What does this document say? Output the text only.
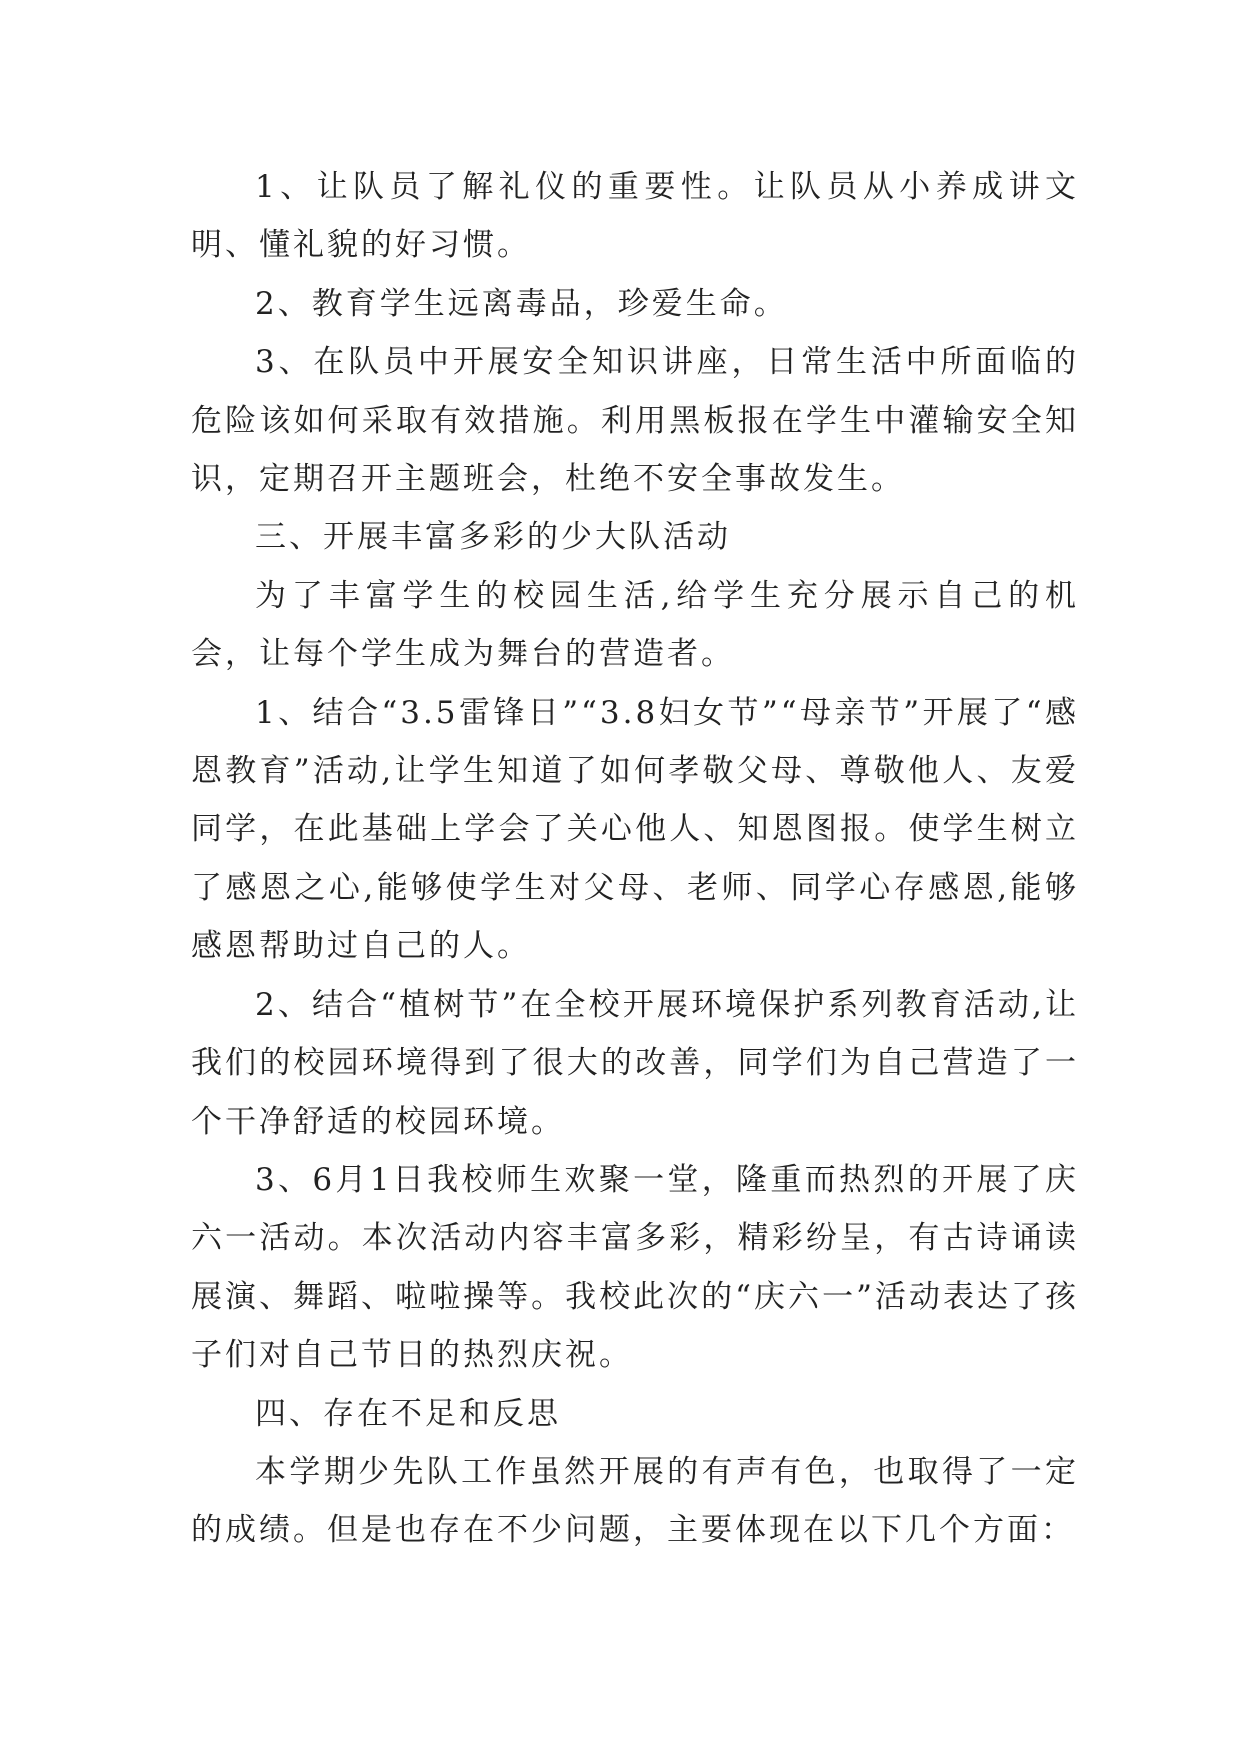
1、让队员了解礼仪的重要性。让队员从小养成讲文明、懂礼貌的好习惯。

2、教育学生远离毒品，珍爱生命。

3、在队员中开展安全知识讲座，日常生活中所面临的危险该如何采取有效措施。利用黑板报在学生中灌输安全知识，定期召开主题班会，杜绝不安全事故发生。

三、开展丰富多彩的少大队活动

为了丰富学生的校园生活,给学生充分展示自己的机会，让每个学生成为舞台的营造者。

1、结合“3.5雷锋日”“3.8妇女节”“母亲节”开展了“感恩教育”活动,让学生知道了如何孝敬父母、尊敬他人、友爱同学，在此基础上学会了关心他人、知恩图报。使学生树立了感恩之心,能够使学生对父母、老师、同学心存感恩,能够感恩帮助过自己的人。

2、结合“植树节”在全校开展环境保护系列教育活动,让我们的校园环境得到了很大的改善，同学们为自己营造了一个干净舒适的校园环境。

3、6月1日我校师生欢聚一堂，隆重而热烈的开展了庆六一活动。本次活动内容丰富多彩，精彩纷呈，有古诗诵读展演、舞蹈、啦啦操等。我校此次的“庆六一”活动表达了孩子们对自己节日的热烈庆祝。

四、存在不足和反思

本学期少先队工作虽然开展的有声有色，也取得了一定的成绩。但是也存在不少问题，主要体现在以下几个方面：
